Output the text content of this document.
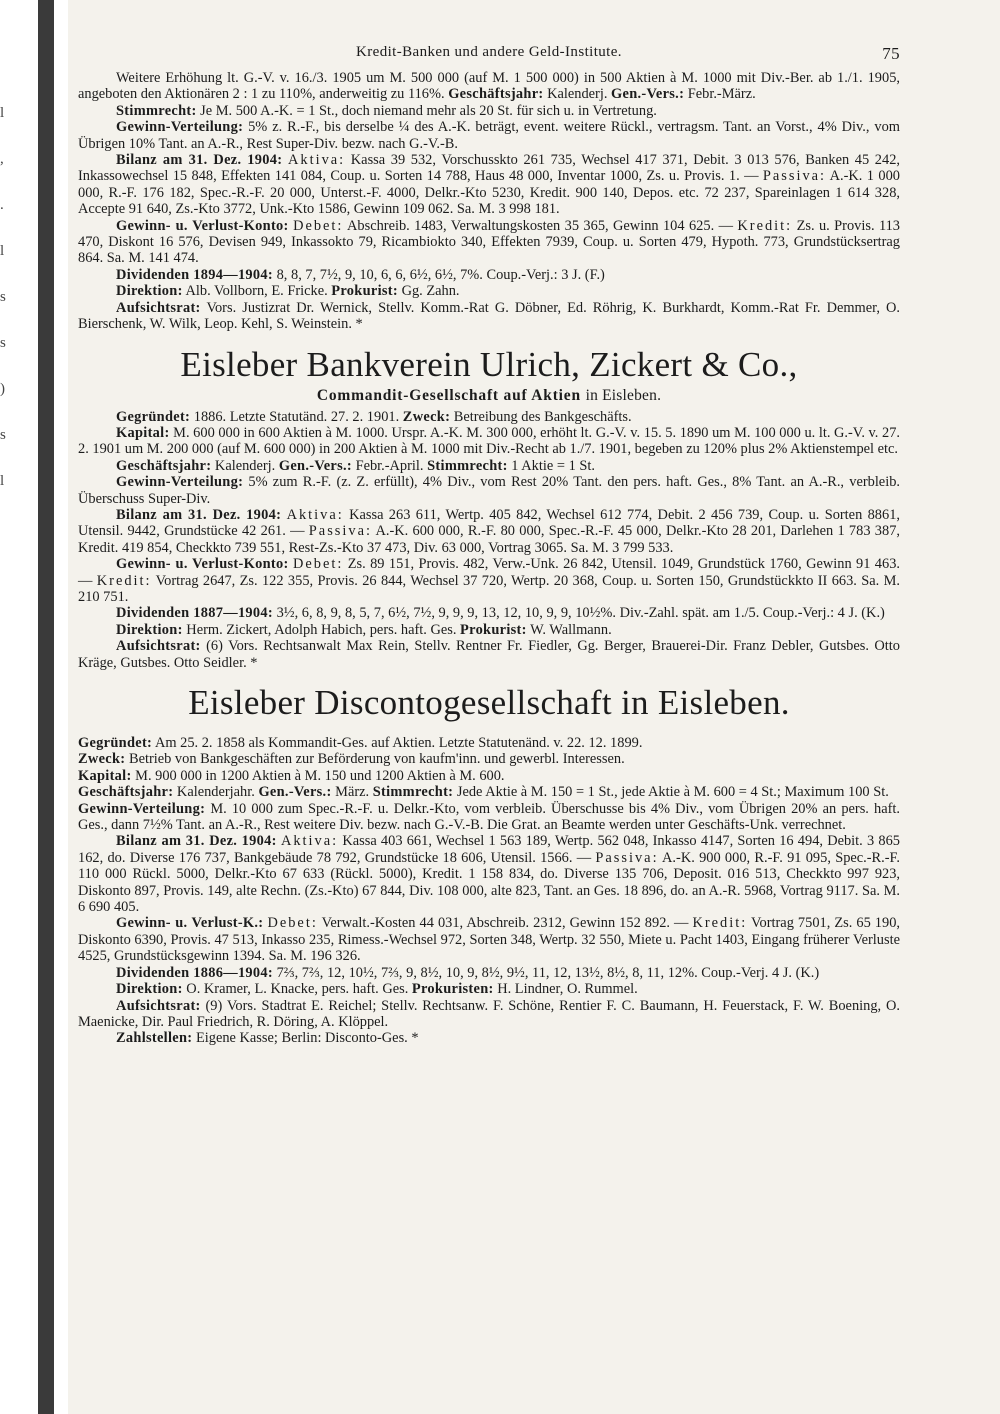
l
,
.
l
s
s
)
s
l
Kredit-Banken und andere Geld-Institute.	75

Weitere Erhöhung lt. G.-V. v. 16./3. 1905 um M. 500 000 (auf M. 1 500 000) in 500 Aktien à M. 1000 mit Div.-Ber. ab 1./1. 1905, angeboten den Aktionären 2 : 1 zu 110%, anderweitig zu 116%. Geschäftsjahr: Kalenderj. Gen.-Vers.: Febr.-März.

Stimmrecht: Je M. 500 A.-K. = 1 St., doch niemand mehr als 20 St. für sich u. in Vertretung.

Gewinn-Verteilung: 5% z. R.-F., bis derselbe ¼ des A.-K. beträgt, event. weitere Rückl., vertragsm. Tant. an Vorst., 4% Div., vom Übrigen 10% Tant. an A.-R., Rest Super-Div. bezw. nach G.-V.-B.

Bilanz am 31. Dez. 1904: Aktiva: Kassa 39 532, Vorschusskto 261 735, Wechsel 417 371, Debit. 3 013 576, Banken 45 242, Inkassowechsel 15 848, Effekten 141 084, Coup. u. Sorten 14 788, Haus 48 000, Inventar 1000, Zs. u. Provis. 1. — Passiva: A.-K. 1 000 000, R.-F. 176 182, Spec.-R.-F. 20 000, Unterst.-F. 4000, Delkr.-Kto 5230, Kredit. 900 140, Depos. etc. 72 237, Spareinlagen 1 614 328, Accepte 91 640, Zs.-Kto 3772, Unk.-Kto 1586, Gewinn 109 062. Sa. M. 3 998 181.

Gewinn- u. Verlust-Konto: Debet: Abschreib. 1483, Verwaltungskosten 35 365, Gewinn 104 625. — Kredit: Zs. u. Provis. 113 470, Diskont 16 576, Devisen 949, Inkassokto 79, Ricambiokto 340, Effekten 7939, Coup. u. Sorten 479, Hypoth. 773, Grundstücksertrag 864. Sa. M. 141 474.

Dividenden 1894—1904: 8, 8, 7, 7½, 9, 10, 6, 6, 6½, 6½, 7%. Coup.-Verj.: 3 J. (F.)

Direktion: Alb. Vollborn, E. Fricke. Prokurist: Gg. Zahn.

Aufsichtsrat: Vors. Justizrat Dr. Wernick, Stellv. Komm.-Rat G. Döbner, Ed. Röhrig, K. Burkhardt, Komm.-Rat Fr. Demmer, O. Bierschenk, W. Wilk, Leop. Kehl, S. Weinstein. *

Eisleber Bankverein Ulrich, Zickert & Co.,
Commandit-Gesellschaft auf Aktien in Eisleben.

Gegründet: 1886. Letzte Statutänd. 27. 2. 1901. Zweck: Betreibung des Bankgeschäfts.

Kapital: M. 600 000 in 600 Aktien à M. 1000. Urspr. A.-K. M. 300 000, erhöht lt. G.-V. v. 15. 5. 1890 um M. 100 000 u. lt. G.-V. v. 27. 2. 1901 um M. 200 000 (auf M. 600 000) in 200 Aktien à M. 1000 mit Div.-Recht ab 1./7. 1901, begeben zu 120% plus 2% Aktienstempel etc.

Geschäftsjahr: Kalenderj. Gen.-Vers.: Febr.-April. Stimmrecht: 1 Aktie = 1 St.

Gewinn-Verteilung: 5% zum R.-F. (z. Z. erfüllt), 4% Div., vom Rest 20% Tant. den pers. haft. Ges., 8% Tant. an A.-R., verbleib. Überschuss Super-Div.

Bilanz am 31. Dez. 1904: Aktiva: Kassa 263 611, Wertp. 405 842, Wechsel 612 774, Debit. 2 456 739, Coup. u. Sorten 8861, Utensil. 9442, Grundstücke 42 261. — Passiva: A.-K. 600 000, R.-F. 80 000, Spec.-R.-F. 45 000, Delkr.-Kto 28 201, Darlehen 1 783 387, Kredit. 419 854, Checkkto 739 551, Rest-Zs.-Kto 37 473, Div. 63 000, Vortrag 3065. Sa. M. 3 799 533.

Gewinn- u. Verlust-Konto: Debet: Zs. 89 151, Provis. 482, Verw.-Unk. 26 842, Utensil. 1049, Grundstück 1760, Gewinn 91 463. — Kredit: Vortrag 2647, Zs. 122 355, Provis. 26 844, Wechsel 37 720, Wertp. 20 368, Coup. u. Sorten 150, Grundstückkto II 663. Sa. M. 210 751.

Dividenden 1887—1904: 3½, 6, 8, 9, 8, 5, 7, 6½, 7½, 9, 9, 9, 13, 12, 10, 9, 9, 10½%. Div.-Zahl. spät. am 1./5. Coup.-Verj.: 4 J. (K.)

Direktion: Herm. Zickert, Adolph Habich, pers. haft. Ges. Prokurist: W. Wallmann.

Aufsichtsrat: (6) Vors. Rechtsanwalt Max Rein, Stellv. Rentner Fr. Fiedler, Gg. Berger, Brauerei-Dir. Franz Debler, Gutsbes. Otto Kräge, Gutsbes. Otto Seidler. *

Eisleber Discontogesellschaft in Eisleben.

Gegründet: Am 25. 2. 1858 als Kommandit-Ges. auf Aktien. Letzte Statutenänd. v. 22. 12. 1899.

Zweck: Betrieb von Bankgeschäften zur Beförderung von kaufm'inn. und gewerbl. Interessen.

Kapital: M. 900 000 in 1200 Aktien à M. 150 und 1200 Aktien à M. 600.

Geschäftsjahr: Kalenderjahr. Gen.-Vers.: März. Stimmrecht: Jede Aktie à M. 150 = 1 St., jede Aktie à M. 600 = 4 St.; Maximum 100 St.

Gewinn-Verteilung: M. 10 000 zum Spec.-R.-F. u. Delkr.-Kto, vom verbleib. Überschusse bis 4% Div., vom Übrigen 20% an pers. haft. Ges., dann 7½% Tant. an A.-R., Rest weitere Div. bezw. nach G.-V.-B. Die Grat. an Beamte werden unter Geschäfts-Unk. verrechnet.

Bilanz am 31. Dez. 1904: Aktiva: Kassa 403 661, Wechsel 1 563 189, Wertp. 562 048, Inkasso 4147, Sorten 16 494, Debit. 3 865 162, do. Diverse 176 737, Bankgebäude 78 792, Grundstücke 18 606, Utensil. 1566. — Passiva: A.-K. 900 000, R.-F. 91 095, Spec.-R.-F. 110 000 Rückl. 5000, Delkr.-Kto 67 633 (Rückl. 5000), Kredit. 1 158 834, do. Diverse 135 706, Deposit. 016 513, Checkkto 997 923, Diskonto 897, Provis. 149, alte Rechn. (Zs.-Kto) 67 844, Div. 108 000, alte 823, Tant. an Ges. 18 896, do. an A.-R. 5968, Vortrag 9117. Sa. M. 6 690 405.

Gewinn- u. Verlust-K.: Debet: Verwalt.-Kosten 44 031, Abschreib. 2312, Gewinn 152 892. — Kredit: Vortrag 7501, Zs. 65 190, Diskonto 6390, Provis. 47 513, Inkasso 235, Rimess.-Wechsel 972, Sorten 348, Wertp. 32 550, Miete u. Pacht 1403, Eingang früherer Verluste 4525, Grundstücksgewinn 1394. Sa. M. 196 326.

Dividenden 1886—1904: 7⅔, 7⅔, 12, 10½, 7⅔, 9, 8½, 10, 9, 8½, 9½, 11, 12, 13½, 8½, 8, 11, 12%. Coup.-Verj. 4 J. (K.)

Direktion: O. Kramer, L. Knacke, pers. haft. Ges. Prokuristen: H. Lindner, O. Rummel.

Aufsichtsrat: (9) Vors. Stadtrat E. Reichel; Stellv. Rechtsanw. F. Schöne, Rentier F. C. Baumann, H. Feuerstack, F. W. Boening, O. Maenicke, Dir. Paul Friedrich, R. Döring, A. Klöppel.

Zahlstellen: Eigene Kasse; Berlin: Disconto-Ges. *
